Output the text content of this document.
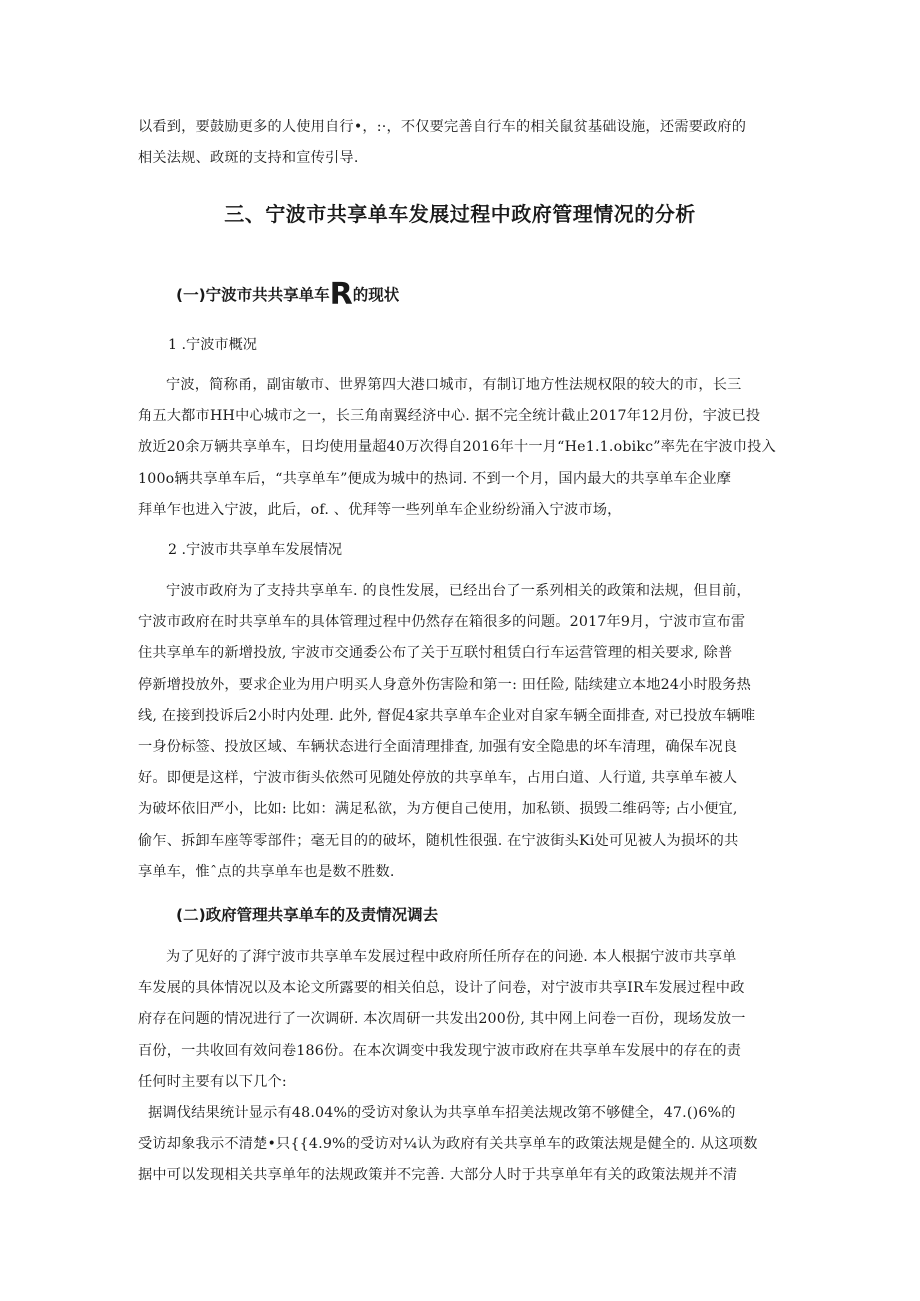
以看到，要鼓励更多的人使用自行•，:·，不仅要完善自行车的相关鼠贫基础设施，还需要政府的
相关法规、政斑的支持和宣传引导.
三、宁波市共享单车发展过程中政府管理情况的分析
(一)宁波市共共享单车R的现状
1 .宁波市概况
宁波，简称甬，副宙敏市、世界第四大港口城市，有制订地方性法规权限的较大的市，长三
角五大都市HH中心城市之一，长三角南翼经济中心. 据不完全统计截止2017年12月份，宇波已投
放近20余万辆共享单车，日均使用量超40万次得自2016年十一月“He1.1.obikc”率先在宇波巾投入
100o辆共享单车后，“共享单车”便成为城中的热词. 不到一个月，国内最大的共享单车企业摩
拜单乍也进入宁波，此后，of. 、优拜等一些列单车企业纷纷涌入宁波市场，
2 .宁波市共享单车发展情况
宁波市政府为了支持共享单车. 的良性发展，已经出台了一系列相关的政策和法规，但目前，
宁波市政府在时共享单车的具体管理过程中仍然存在箱很多的问题。2017年9月，宁波市宣布雷
住共享单车的新增投放, 宇波市交通委公布了关于互联忖租赁白行车运营管理的相关要求, 除普
停新增投放外，要求企业为用户明买人身意外伤害险和第一: 田任险, 陆续建立本地24小时股务热
线, 在接到投诉后2小时内处理. 此外, 督促4家共享单车企业对自家车辆全面排查, 对已投放车辆唯
一身份标签、投放区域、车辆状态进行全面清理排査, 加强有安全隐患的坏车清理，确保车况良
好。即便是这样，宁波市街头依然可见随处停放的共享单车，占用白道、人行道, 共享单车被人
为破坏依旧严小，比如: 比如：满足私欲，为方便自己使用，加私锁、损毁二维码等; 占小便宜,
偷乍、拆卸车座等零部件；毫无目的的破坏，随机性很强. 在宁波街头Ki处可见被人为损坏的共
享单车，惟ˆ点的共享单车也是数不胜数.
(二)政府管理共享单车的及责情况调去
为了见好的了湃宁波市共享单车发展过程中政府所任所存在的问逊. 本人根据宁波市共享单
车发展的具体情况以及本论文所露要的相关伯总，设计了问卷，对宁波市共享IR车发展过程中政
府存在问题的情况进行了一次调研. 本次周研一共发出200份, 其中网上问卷一百份，现场发放一
百份，一共收回有效问卷186份。在本次调变中我发现宁波市政府在共享单车发展中的存在的责
任何时主要有以下几个:
据调伐结果统计显示有48.04%的受访对象认为共享单车招美法规改第不够健全，47.()6%的
受访却象我示不清楚•只{{4.9%的受访对¼认为政府有关共享单车的政策法规是健全的. 从这项数
据中可以发现相关共享单年的法规政策并不完善. 大部分人时于共享单年有关的政策法规并不清
